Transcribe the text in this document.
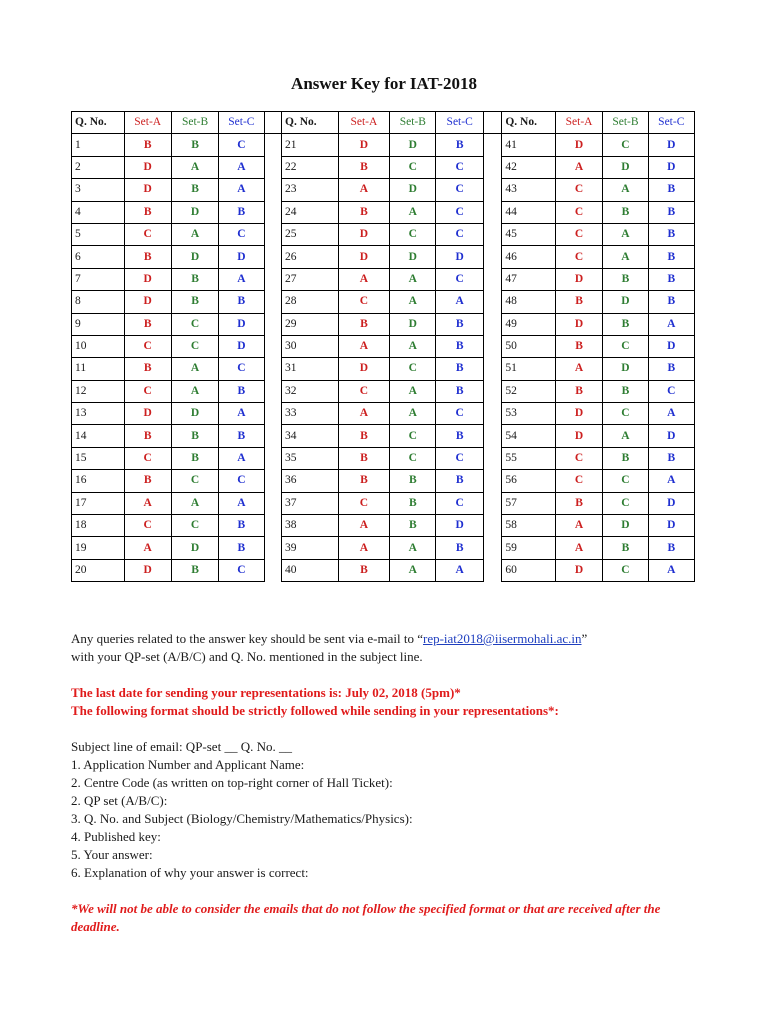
Answer Key for IAT-2018
Q. No.	Set-A	Set-B	Set-C		Q. No.	Set-A	Set-B	Set-C		Q. No.	Set-A	Set-B	Set-C
1	B	B	C		21	D	D	B		41	D	C	D
2	D	A	A		22	B	C	C		42	A	D	D
3	D	B	A		23	A	D	C		43	C	A	B
4	B	D	B		24	B	A	C		44	C	B	B
5	C	A	C		25	D	C	C		45	C	A	B
6	B	D	D		26	D	D	D		46	C	A	B
7	D	B	A		27	A	A	C		47	D	B	B
8	D	B	B		28	C	A	A		48	B	D	B
9	B	C	D		29	B	D	B		49	D	B	A
10	C	C	D		30	A	A	B		50	B	C	D
11	B	A	C		31	D	C	B		51	A	D	B
12	C	A	B		32	C	A	B		52	B	B	C
13	D	D	A		33	A	A	C		53	D	C	A
14	B	B	B		34	B	C	B		54	D	A	D
15	C	B	A		35	B	C	C		55	C	B	B
16	B	C	C		36	B	B	B		56	C	C	A
17	A	A	A		37	C	B	C		57	B	C	D
18	C	C	B		38	A	B	D		58	A	D	D
19	A	D	B		39	A	A	B		59	A	B	B
20	D	B	C		40	B	A	A		60	D	C	A

Any queries related to the answer key should be sent via e-mail to “rep-iat2018@iisermohali.ac.in”

with your QP-set (A/B/C) and Q. No. mentioned in the subject line.

The last date for sending your representations is: July 02, 2018 (5pm)*

The following format should be strictly followed while sending in your representations*:

Subject line of email: QP-set __ Q. No. __

1. Application Number and Applicant Name:

2. Centre Code (as written on top-right corner of Hall Ticket):

2. QP set (A/B/C):

3. Q. No. and Subject (Biology/Chemistry/Mathematics/Physics):

4. Published key:

5. Your answer:

6. Explanation of why your answer is correct:

*We will not be able to consider the emails that do not follow the specified format or that are received after the deadline.
